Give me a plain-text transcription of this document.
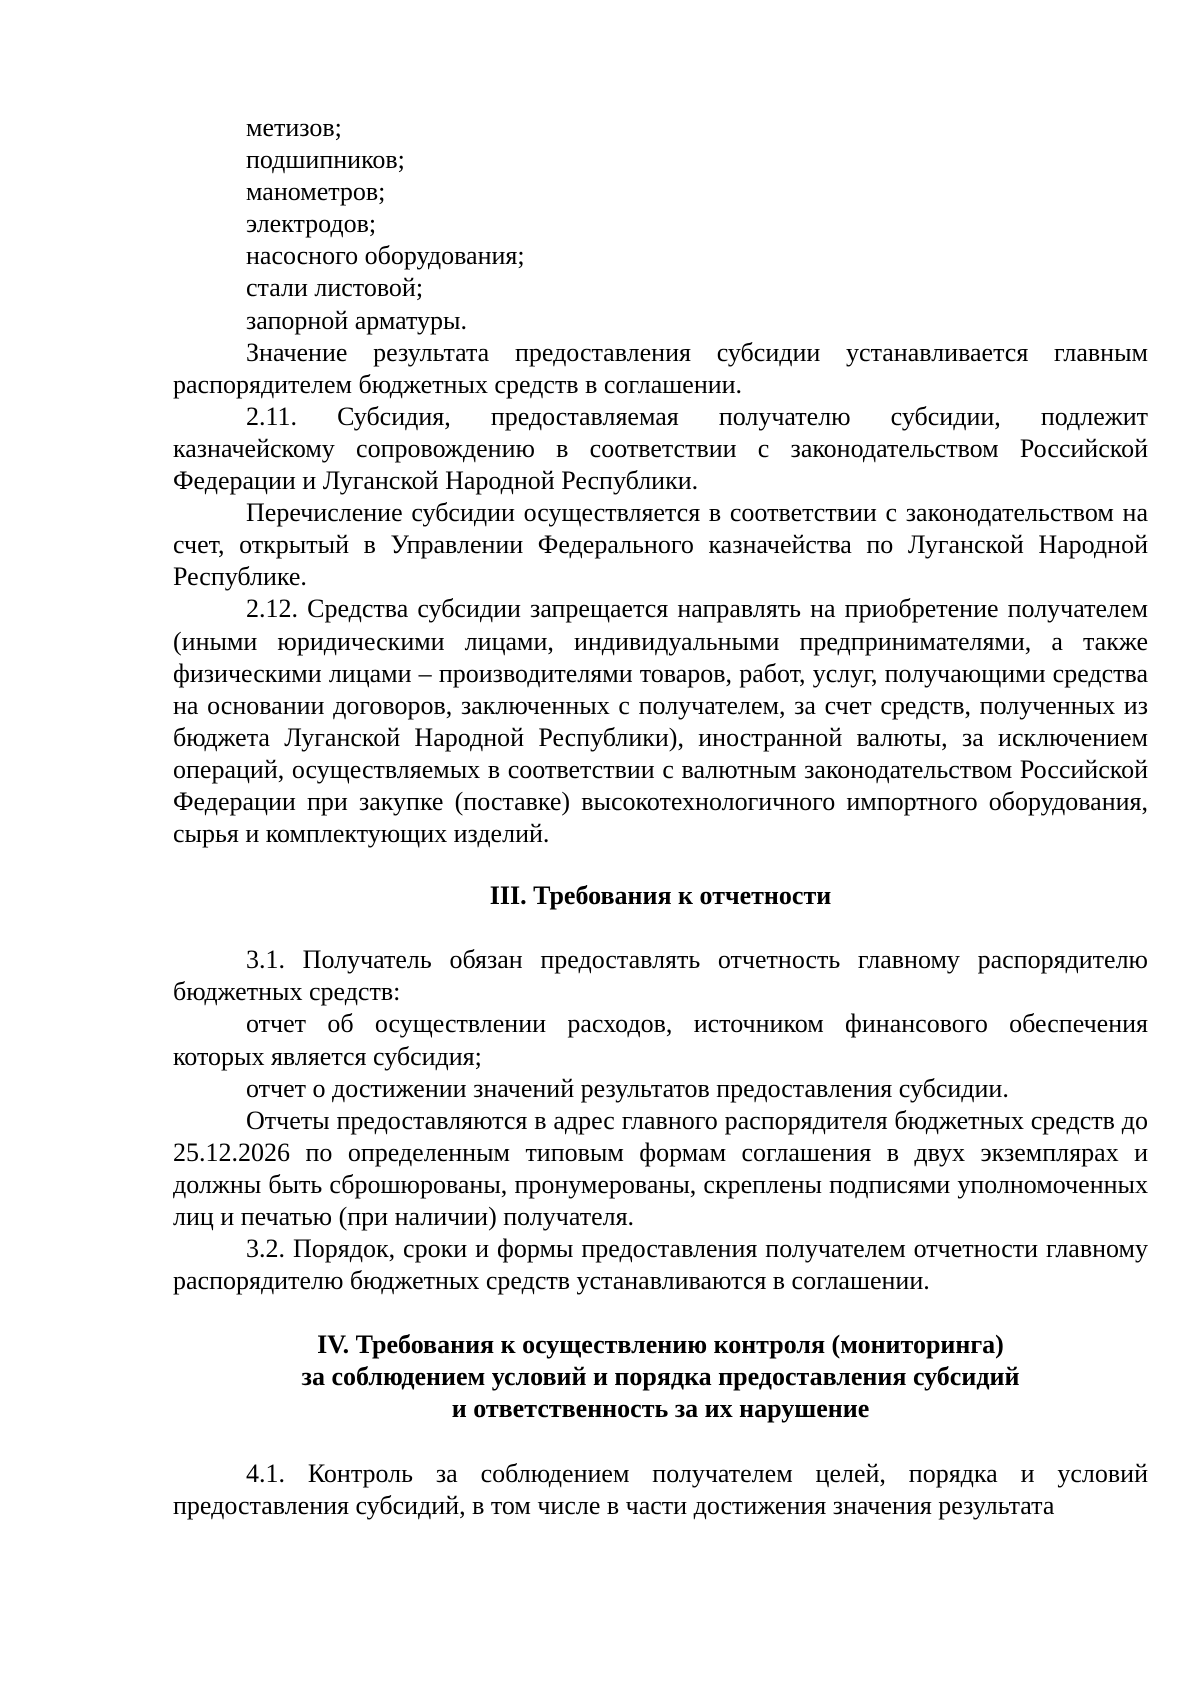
метизов;

подшипников;

манометров;

электродов;

насосного оборудования;

стали листовой;

запорной арматуры.

Значение результата предоставления субсидии устанавливается главным распорядителем бюджетных средств в соглашении.

2.11. Субсидия, предоставляемая получателю субсидии, подлежит казначейскому сопровождению в соответствии с законодательством Российской Федерации и Луганской Народной Республики.

Перечисление субсидии осуществляется в соответствии с законодательством на счет, открытый в Управлении Федерального казначейства по Луганской Народной Республике.

2.12. Средства субсидии запрещается направлять на приобретение получателем (иными юридическими лицами, индивидуальными предпринимателями, а также физическими лицами – производителями товаров, работ, услуг, получающими средства на основании договоров, заключенных с получателем, за счет средств, полученных из бюджета Луганской Народной Республики), иностранной валюты, за исключением операций, осуществляемых в соответствии с валютным законодательством Российской Федерации при закупке (поставке) высокотехнологичного импортного оборудования, сырья и комплектующих изделий.

III. Требования к отчетности

3.1. Получатель обязан предоставлять отчетность главному распорядителю бюджетных средств:

отчет об осуществлении расходов, источником финансового обеспечения которых является субсидия;

отчет о достижении значений результатов предоставления субсидии.

Отчеты предоставляются в адрес главного распорядителя бюджетных средств до 25.12.2026 по определенным типовым формам соглашения в двух экземплярах и должны быть сброшюрованы, пронумерованы, скреплены подписями уполномоченных лиц и печатью (при наличии) получателя.

3.2. Порядок, сроки и формы предоставления получателем отчетности главному распорядителю бюджетных средств устанавливаются в соглашении.

IV. Требования к осуществлению контроля (мониторинга)
за соблюдением условий и порядка предоставления субсидий
и ответственность за их нарушение

4.1. Контроль за соблюдением получателем целей, порядка и условий предоставления субсидий, в том числе в части достижения значения результата
